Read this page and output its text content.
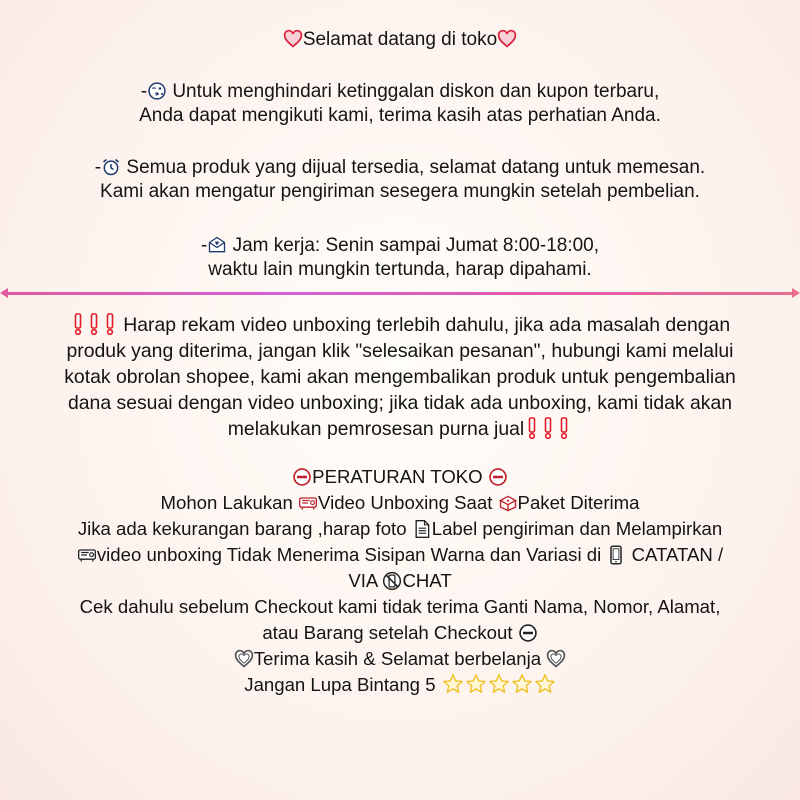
Selamat datang di toko
- Untuk menghindari ketinggalan diskon dan kupon terbaru,
Anda dapat mengikuti kami, terima kasih atas perhatian Anda.
- Semua produk yang dijual tersedia, selamat datang untuk memesan.
Kami akan mengatur pengiriman sesegera mungkin setelah pembelian.
- Jam kerja: Senin sampai Jumat 8:00-18:00,
waktu lain mungkin tertunda, harap dipahami.
Harap rekam video unboxing terlebih dahulu, jika ada masalah dengan
produk yang diterima, jangan klik "selesaikan pesanan", hubungi kami melalui
kotak obrolan shopee, kami akan mengembalikan produk untuk pengembalian
dana sesuai dengan video unboxing; jika tidak ada unboxing, kami tidak akan
melakukan pemrosesan purna jual
PERATURAN TOKO
Mohon Lakukan Video Unboxing Saat Paket Diterima
Jika ada kekurangan barang ,harap foto Label pengiriman dan Melampirkan
video unboxing Tidak Menerima Sisipan Warna dan Variasi di CATATAN /
VIA CHAT
Cek dahulu sebelum Checkout kami tidak terima Ganti Nama, Nomor, Alamat,
atau Barang setelah Checkout
Terima kasih & Selamat berbelanja
Jangan Lupa Bintang 5
